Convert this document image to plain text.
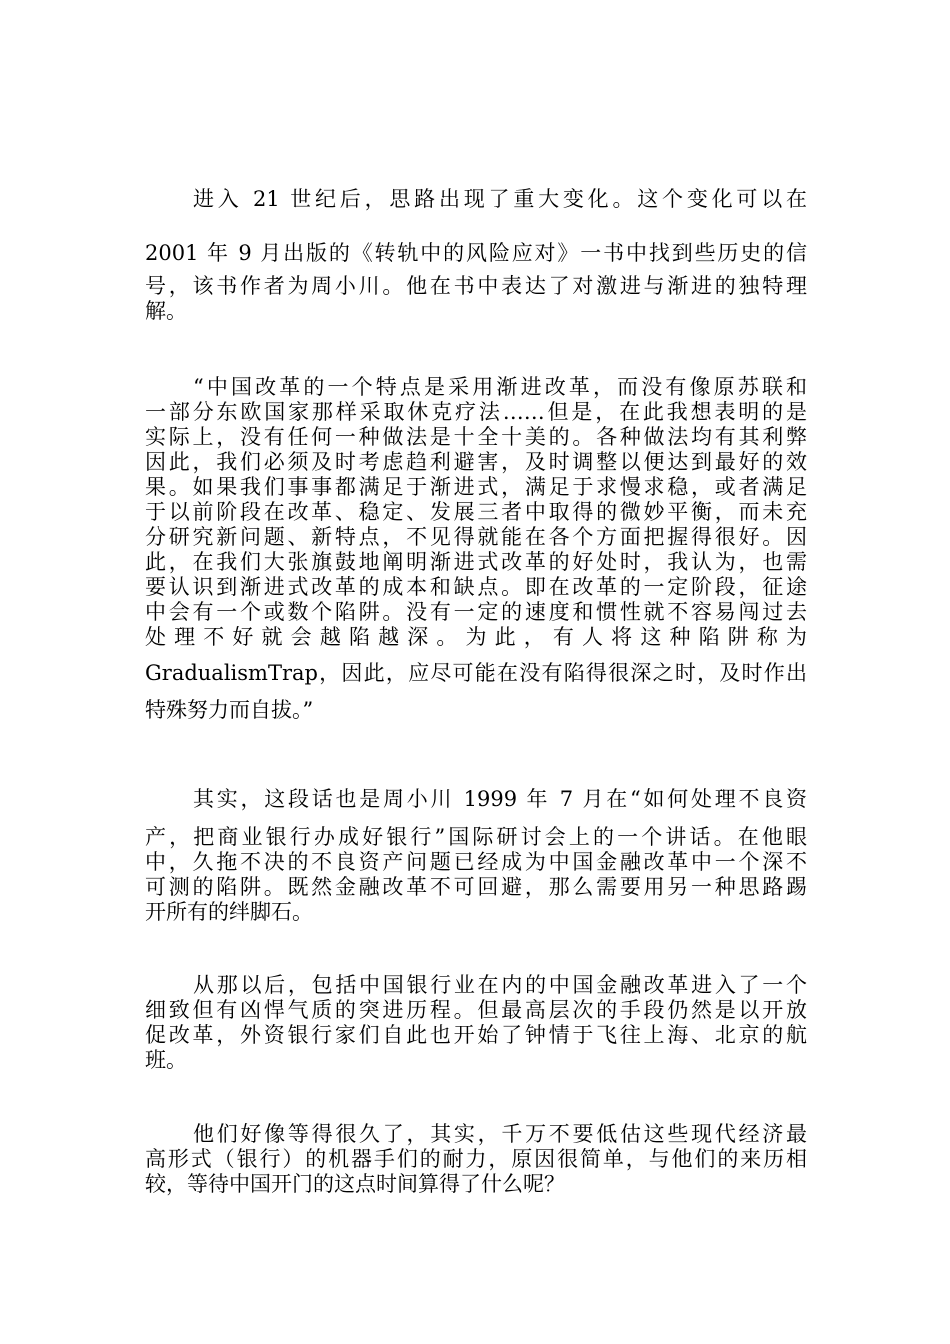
进入 21 世纪后，思路出现了重大变化。这个变化可以在
2001 年 9 月出版的《转轨中的风险应对》一书中找到些历史的信
号，该书作者为周小川。他在书中表达了对激进与渐进的独特理
解。
“中国改革的一个特点是采用渐进改革，而没有像原苏联和
一部分东欧国家那样采取休克疗法……但是，在此我想表明的是
实际上，没有任何一种做法是十全十美的。各种做法均有其利弊
因此，我们必须及时考虑趋利避害，及时调整以便达到最好的效
果。如果我们事事都满足于渐进式，满足于求慢求稳，或者满足
于以前阶段在改革、稳定、发展三者中取得的微妙平衡，而未充
分研究新问题、新特点，不见得就能在各个方面把握得很好。因
此，在我们大张旗鼓地阐明渐进式改革的好处时，我认为，也需
要认识到渐进式改革的成本和缺点。即在改革的一定阶段，征途
中会有一个或数个陷阱。没有一定的速度和惯性就不容易闯过去
处 理 不 好 就 会 越 陷 越 深 。 为 此 ， 有 人 将 这 种 陷 阱 称 为
GradualismTrap，因此，应尽可能在没有陷得很深之时，及时作出
特殊努力而自拔。”
其实，这段话也是周小川 1999 年 7 月在“如何处理不良资
产，把商业银行办成好银行”国际研讨会上的一个讲话。在他眼
中，久拖不决的不良资产问题已经成为中国金融改革中一个深不
可测的陷阱。既然金融改革不可回避，那么需要用另一种思路踢
开所有的绊脚石。
从那以后，包括中国银行业在内的中国金融改革进入了一个
细致但有凶悍气质的突进历程。但最高层次的手段仍然是以开放
促改革，外资银行家们自此也开始了钟情于飞往上海、北京的航
班。
他们好像等得很久了，其实，千万不要低估这些现代经济最
高形式（银行）的机器手们的耐力，原因很简单，与他们的来历相
较，等待中国开门的这点时间算得了什么呢？
